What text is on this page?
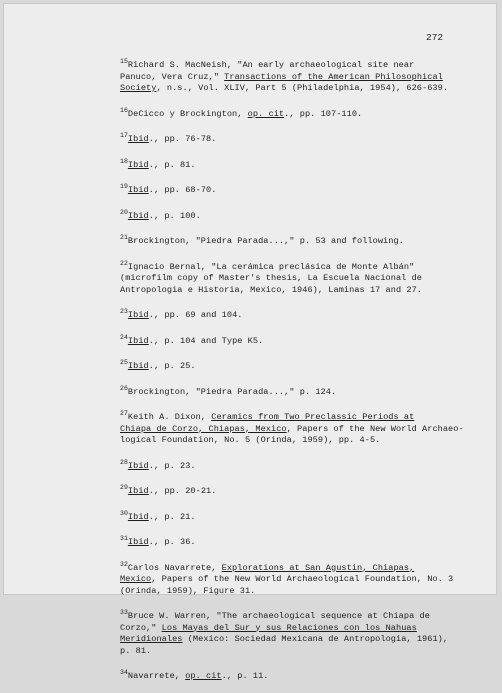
272
$^{15}$Richard S. MacNeish, "An early archaeological site near
Panuco, Vera Cruz," Transactions of the American Philosophical
Society, n.s., Vol. XLIV, Part 5 (Philadelphia, 1954), 626-639.
$^{16}$DeCicco y Brockington, op. cit., pp. 107-110.
$^{17}$Ibid., pp. 76-78.
$^{18}$Ibid., p. 81.
$^{19}$Ibid., pp. 68-70.
$^{20}$Ibid., p. 100.
$^{21}$Brockington, "Piedra Parada...," p. 53 and following.
$^{22}$Ignacio Bernal, "La cerámica preclásica de Monte Albán"
(microfilm copy of Master's thesis, La Escuela Nacional de
Antropologia e Historia, Mexico, 1946), Laminas 17 and 27.
$^{23}$Ibid., pp. 69 and 104.
$^{24}$Ibid., p. 104 and Type K5.
$^{25}$Ibid., p. 25.
$^{26}$Brockington, "Piedra Parada...," p. 124.
$^{27}$Keith A. Dixon, Ceramics from Two Preclassic Periods at
Chiapa de Corzo, Chiapas, Mexico, Papers of the New World Archaeo-
logical Foundation, No. 5 (Orinda, 1959), pp. 4-5.
$^{28}$Ibid., p. 23.
$^{29}$Ibid., pp. 20-21.
$^{30}$Ibid., p. 21.
$^{31}$Ibid., p. 36.
$^{32}$Carlos Navarrete, Explorations at San Agustin, Chiapas,
Mexico, Papers of the New World Archaeological Foundation, No. 3
(Orinda, 1959), Figure 31.
$^{33}$Bruce W. Warren, "The archaeological sequence at Chiapa de
Corzo," Los Mayas del Sur y sus Relaciones con los Nahuas
Meridionales (Mexico: Sociedad Mexicana de Antropologia, 1961),
p. 81.
$^{34}$Navarrete, op. cit., p. 11.
